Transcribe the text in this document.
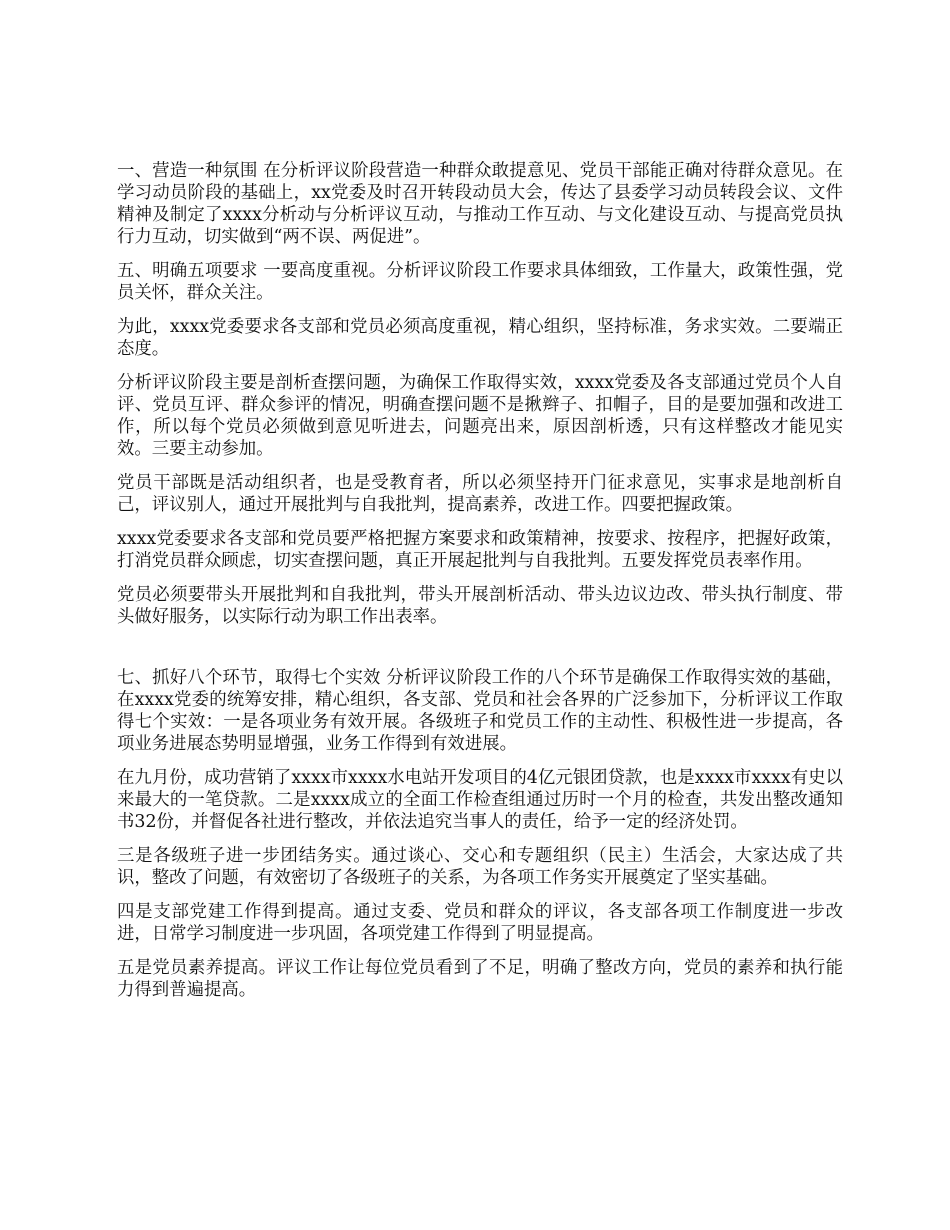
一、营造一种氛围 在分析评议阶段营造一种群众敢提意见、党员干部能正确对待群众意见。在学习动员阶段的基础上，xx党委及时召开转段动员大会，传达了县委学习动员转段会议、文件精神及制定了xxxx分析动与分析评议互动，与推动工作互动、与文化建设互动、与提高党员执行力互动，切实做到“两不误、两促进”。

五、明确五项要求 一要高度重视。分析评议阶段工作要求具体细致，工作量大，政策性强，党员关怀，群众关注。

为此，xxxx党委要求各支部和党员必须高度重视，精心组织，坚持标准，务求实效。二要端正态度。

分析评议阶段主要是剖析查摆问题，为确保工作取得实效，xxxx党委及各支部通过党员个人自评、党员互评、群众参评的情况，明确查摆问题不是揪辫子、扣帽子，目的是要加强和改进工作，所以每个党员必须做到意见听进去，问题亮出来，原因剖析透，只有这样整改才能见实效。三要主动参加。

党员干部既是活动组织者，也是受教育者，所以必须坚持开门征求意见，实事求是地剖析自己，评议别人，通过开展批判与自我批判，提高素养，改进工作。四要把握政策。

xxxx党委要求各支部和党员要严格把握方案要求和政策精神，按要求、按程序，把握好政策，打消党员群众顾虑，切实查摆问题，真正开展起批判与自我批判。五要发挥党员表率作用。

党员必须要带头开展批判和自我批判，带头开展剖析活动、带头边议边改、带头执行制度、带头做好服务，以实际行动为职工作出表率。

七、抓好八个环节，取得七个实效 分析评议阶段工作的八个环节是确保工作取得实效的基础，在xxxx党委的统筹安排，精心组织，各支部、党员和社会各界的广泛参加下，分析评议工作取得七个实效：一是各项业务有效开展。各级班子和党员工作的主动性、积极性进一步提高，各项业务进展态势明显增强，业务工作得到有效进展。

在九月份，成功营销了xxxx市xxxx水电站开发项目的4亿元银团贷款，也是xxxx市xxxx有史以来最大的一笔贷款。二是xxxx成立的全面工作检查组通过历时一个月的检查，共发出整改通知书32份，并督促各社进行整改，并依法追究当事人的责任，给予一定的经济处罚。

三是各级班子进一步团结务实。通过谈心、交心和专题组织（民主）生活会，大家达成了共识，整改了问题，有效密切了各级班子的关系，为各项工作务实开展奠定了坚实基础。

四是支部党建工作得到提高。通过支委、党员和群众的评议，各支部各项工作制度进一步改进，日常学习制度进一步巩固，各项党建工作得到了明显提高。

五是党员素养提高。评议工作让每位党员看到了不足，明确了整改方向，党员的素养和执行能力得到普遍提高。
